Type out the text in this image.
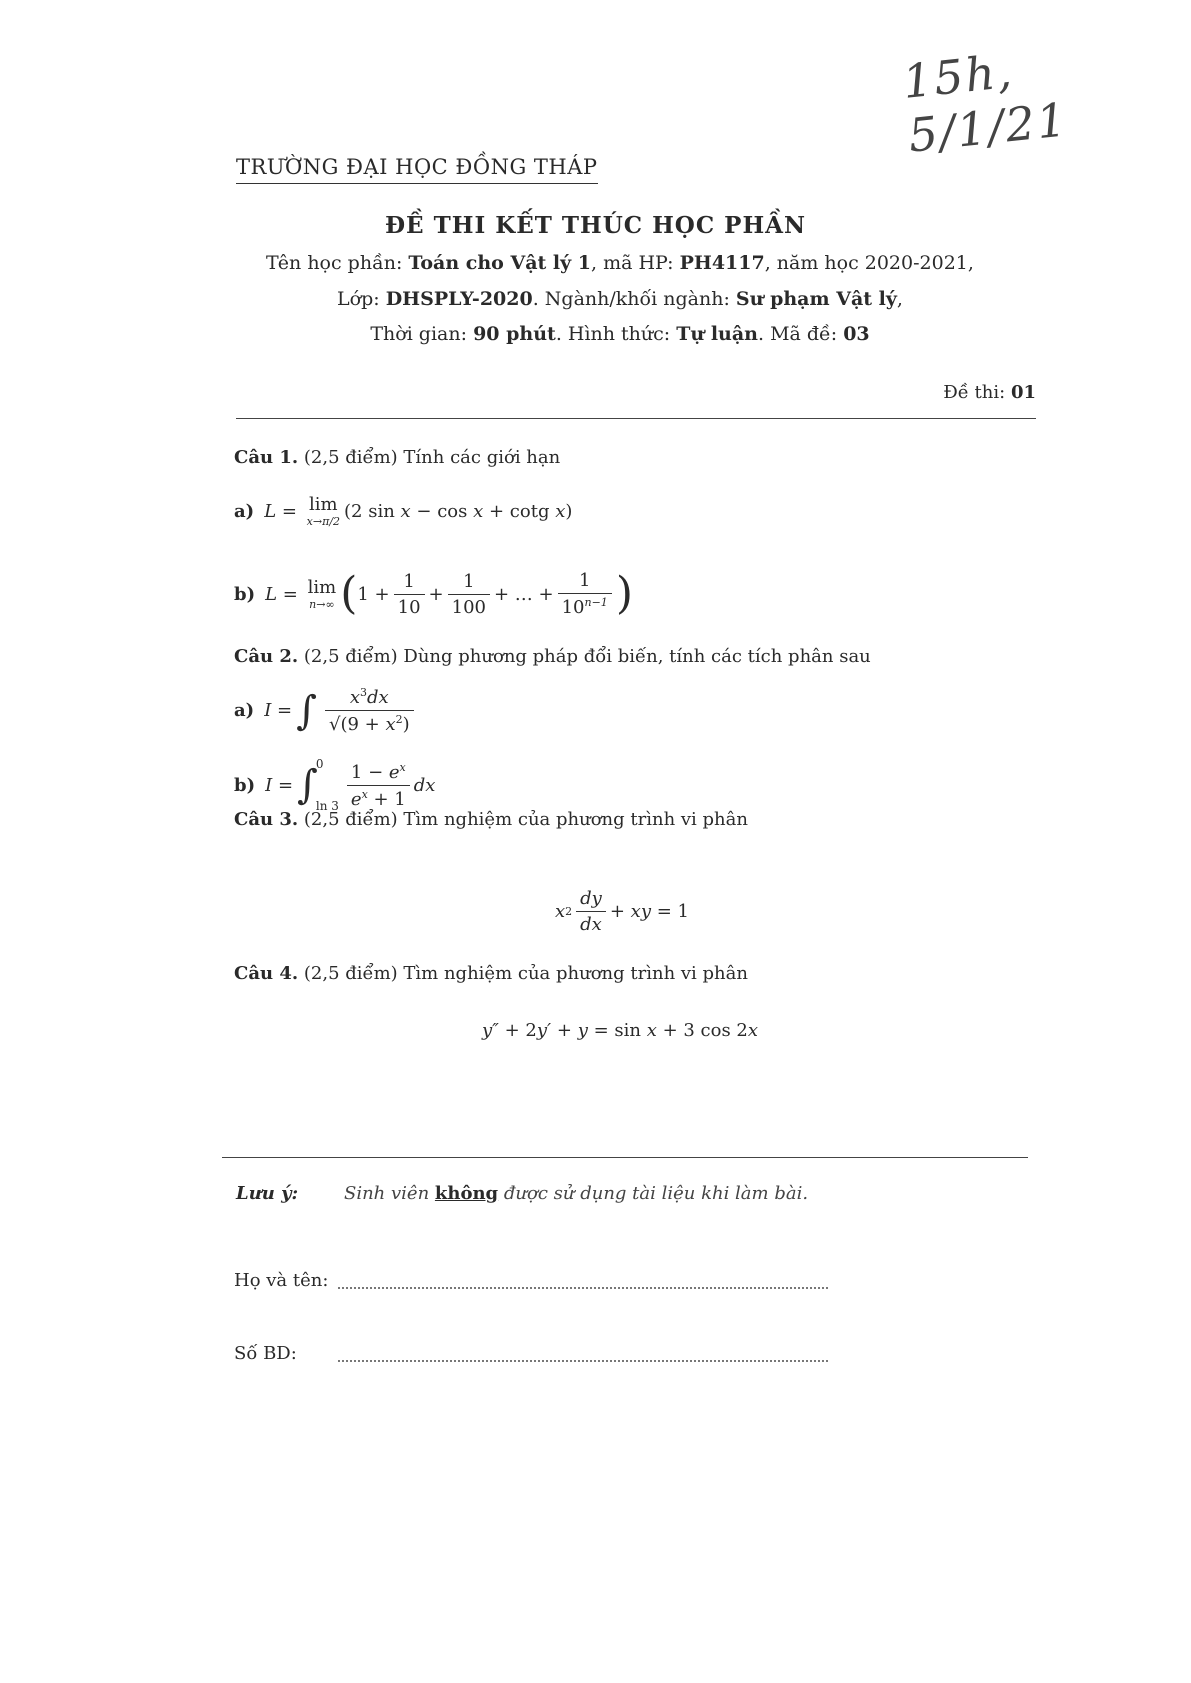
15h, 5/1/21
TRƯỜNG ĐẠI HỌC ĐỒNG THÁP
ĐỀ THI KẾT THÚC HỌC PHẦN
Tên học phần: Toán cho Vật lý 1, mã HP: PH4117, năm học 2020-2021,
Lớp: DHSPLY-2020. Ngành/khối ngành: Sư phạm Vật lý,
Thời gian: 90 phút. Hình thức: Tự luận. Mã đề: 03
Đề thi: 01
Câu 1. (2,5 điểm) Tính các giới hạn
a) L = lim
x→π/2 (2 sin x − cos x + cotg x)
b) L = lim
n→∞ ( $1 + \frac{1}{10} + \frac{1}{100}$ + … + $\frac{1}{10^{n-1}}$ )
Câu 2. (2,5 điểm) Dùng phương pháp đổi biến, tính các tích phân sau
a) I = ∫ $\frac{x^3dx}{√(9 + x^2)}$
b) I = ∫
0
$\ln 3 \frac{1 - e^x}{e^x + 1}$ dx
Câu 3. (2,5 điểm) Tìm nghiệm của phương trình vi phân
x $2 \frac{dy}{dx}$ + xy = 1
Câu 4. (2,5 điểm) Tìm nghiệm của phương trình vi phân
y″ + 2 y′ + y = sin x + 3 cos 2 x
Lưu ý:	Sinh viên không được sử dụng tài liệu khi làm bài.
Họ và tên:
Số BD:
